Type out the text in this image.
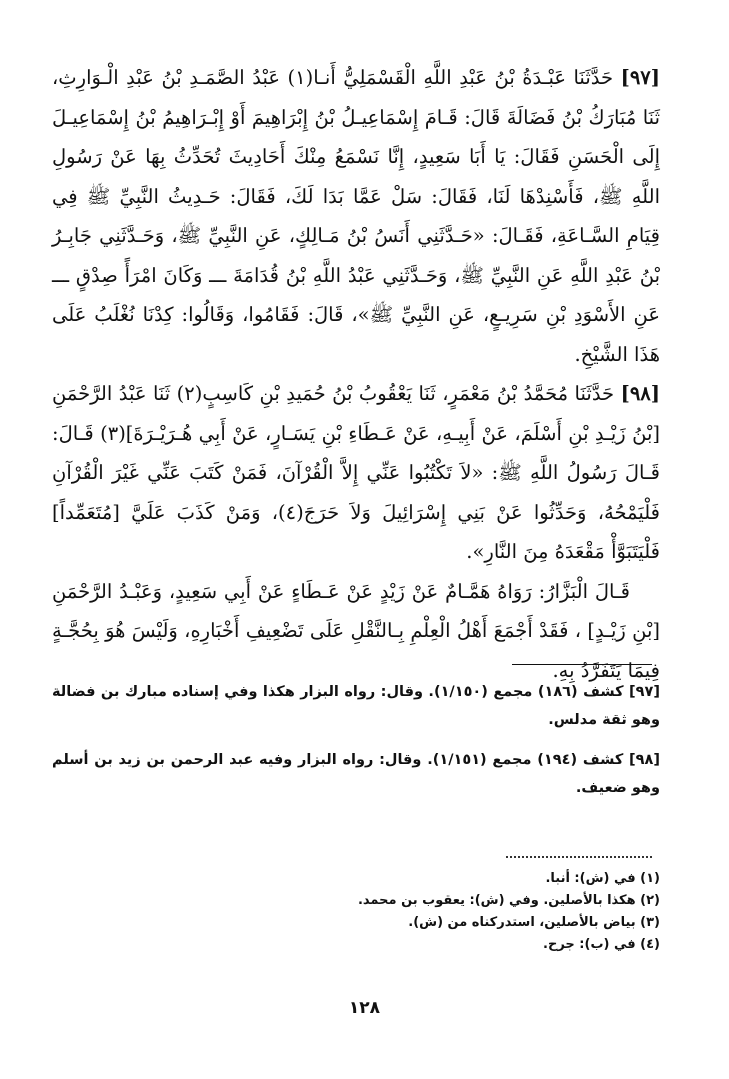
[٩٧] حَدَّثَنَا عَبْـدَةُ بْنُ عَبْدِ اللَّهِ الْقَسْمَلِيُّ أَنـا(١) عَبْدُ الصَّمَـدِ بْنُ عَبْدِ الْـوَارِثِ، ثَنَا مُبَارَكُ بْنُ فَضَالَةَ قَالَ: قَـامَ إِسْمَاعِيـلُ بْنُ إِبْرَاهِيمَ أَوْ إِبْـرَاهِيمُ بْنُ إِسْمَاعِيـلَ إِلَى الْحَسَنِ فَقَالَ: يَا أَبَا سَعِيدٍ، إِنَّا نَسْمَعُ مِنْكَ أَحَادِيثَ تُحَدِّثُ بِهَا عَنْ رَسُولِ اللَّهِ ﷺ، فَأَسْنِدْهَا لَنَا، فَقَالَ: سَلْ عَمَّا بَدَا لَكَ، فَقَالَ: حَـدِيثُ النَّبِيِّ ﷺ فِي قِيَامِ السَّـاعَةِ، فَقَـالَ: «حَـدَّثَنِي أَنَسُ بْنُ مَـالِكٍ، عَنِ النَّبِيِّ ﷺ، وَحَـدَّثَنِي جَابِـرُ بْنُ عَبْدِ اللَّهِ عَنِ النَّبِيِّ ﷺ، وَحَـدَّثَنِي عَبْدُ اللَّهِ بْنُ قُدَامَةَ ـــ وَكَانَ امْرَأً صِدْقٍ ـــ عَنِ الأَسْوَدِ بْنِ سَرِيـعٍ، عَنِ النَّبِيِّ ﷺ»، قَالَ: فَقَامُوا، وَقَالُوا: كِدْنَا نُغْلَبُ عَلَى هَذَا الشَّيْخِ.

[٩٨] حَدَّثَنَا مُحَمَّدُ بْنُ مَعْمَرٍ، ثَنَا يَعْقُوبُ بْنُ حُمَيدِ بْنِ كَاسِبٍ(٢) ثَنَا عَبْدُ الرَّحْمَنِ [بْنُ زَيْـدِ بْنِ أَسْلَمَ، عَنْ أَبِيـهِ، عَنْ عَـطَاءِ بْنِ يَسَـارٍ، عَنْ أَبِي هُـرَيْـرَةَ](٣) قَـالَ: قَـالَ رَسُولُ اللَّهِ ﷺ: «لاَ تَكْتُبُوا عَنِّي إِلاَّ الْقُرْآنَ، فَمَنْ كَتَبَ عَنِّي غَيْرَ الْقُرْآنِ فَلْيَمْحُهُ، وَحَدِّثُوا عَنْ بَنِي إِسْرَائِيلَ وَلاَ حَرَجَ(٤)، وَمَنْ كَذَبَ عَلَيَّ [مُتَعَمِّداً] فَلْيَتَبَوَّأْ مَقْعَدَهُ مِنَ النَّارِ».

قَـالَ الْبَزَّارُ: رَوَاهُ هَمَّـامٌ عَنْ زَيْدٍ عَنْ عَـطَاءٍ عَنْ أَبِي سَعِيدٍ، وَعَبْـدُ الرَّحْمَنِ [بْنِ زَيْـدٍ] ، فَقَدْ أَجْمَعَ أَهْلُ الْعِلْمِ بِـالنَّقْلِ عَلَى تَضْعِيفِ أَخْبَارِهِ، وَلَيْسَ هُوَ بِحُجَّـةٍ فِيمَا يَتَفَرَّدُ بِهِ.

[٩٧] كشف (١٨٦) مجمع (١/١٥٠). وقال: رواه البزار هكذا وفي إسناده مبارك بن فضالة وهو ثقة مدلس.

[٩٨] كشف (١٩٤) مجمع (١/١٥١). وقال: رواه البزار وفيه عبد الرحمن بن زيد بن أسلم وهو ضعيف.

(١) في (ش): أنبا.
(٢) هكذا بالأصلين. وفي (ش): يعقوب بن محمد.
(٣) بياض بالأصلين، استدركناه من (ش).
(٤) في (ب): جرح.
١٢٨
